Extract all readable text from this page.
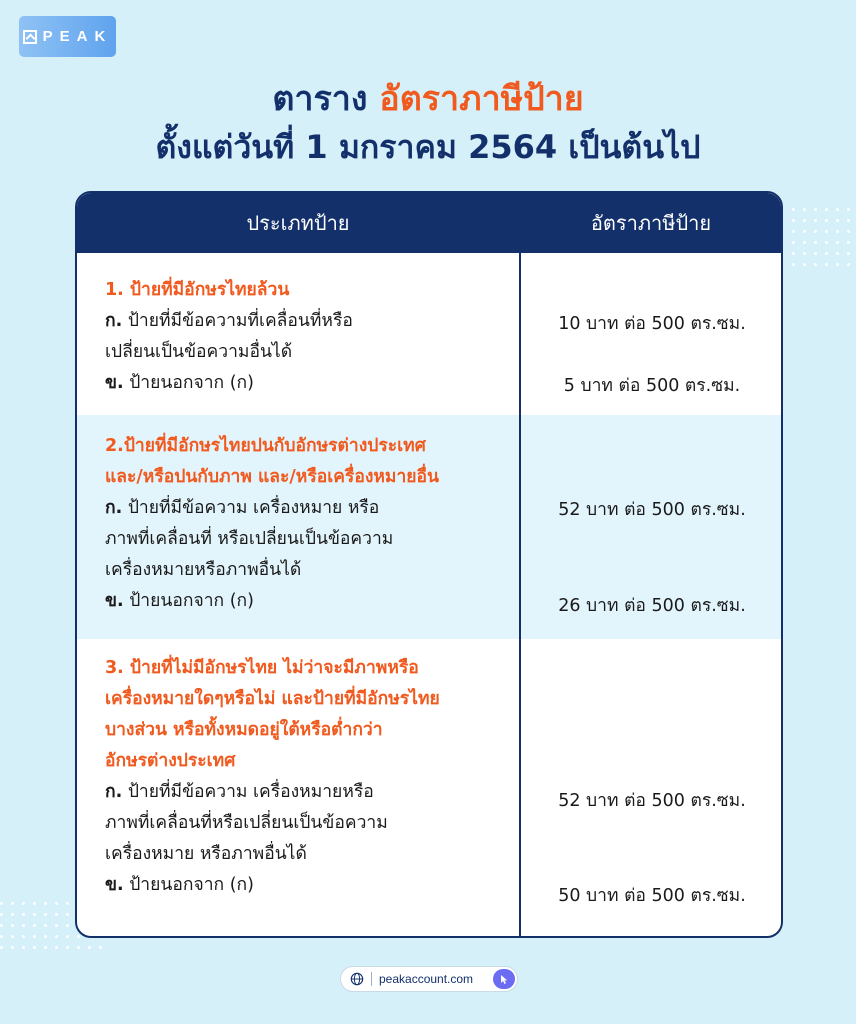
PEAK
ตาราง อัตราภาษีป้าย
ตั้งแต่วันที่ 1 มกราคม 2564 เป็นต้นไป
ประเภทป้าย	อัตราภาษีป้าย
1. ป้ายที่มีอักษรไทยล้วน
ก. ป้ายที่มีข้อความที่เคลื่อนที่หรือ
เปลี่ยนเป็นข้อความอื่นได้
ข. ป้ายนอกจาก (ก)
10 บาท ต่อ 500 ตร.ซม.
5 บาท ต่อ 500 ตร.ซม.
2.ป้ายที่มีอักษรไทยปนกับอักษรต่างประเทศ
และ/หรือปนกับภาพ และ/หรือเครื่องหมายอื่น
ก. ป้ายที่มีข้อความ เครื่องหมาย หรือ
ภาพที่เคลื่อนที่ หรือเปลี่ยนเป็นข้อความ
เครื่องหมายหรือภาพอื่นได้
ข. ป้ายนอกจาก (ก)
52 บาท ต่อ 500 ตร.ซม.
26 บาท ต่อ 500 ตร.ซม.
3. ป้ายที่ไม่มีอักษรไทย ไม่ว่าจะมีภาพหรือ
เครื่องหมายใดๆหรือไม่ และป้ายที่มีอักษรไทย
บางส่วน หรือทั้งหมดอยู่ใต้หรือต่ำกว่า
อักษรต่างประเทศ
ก. ป้ายที่มีข้อความ เครื่องหมายหรือ
ภาพที่เคลื่อนที่หรือเปลี่ยนเป็นข้อความ
เครื่องหมาย หรือภาพอื่นได้
ข. ป้ายนอกจาก (ก)
52 บาท ต่อ 500 ตร.ซม.
50 บาท ต่อ 500 ตร.ซม.
peakaccount.com
